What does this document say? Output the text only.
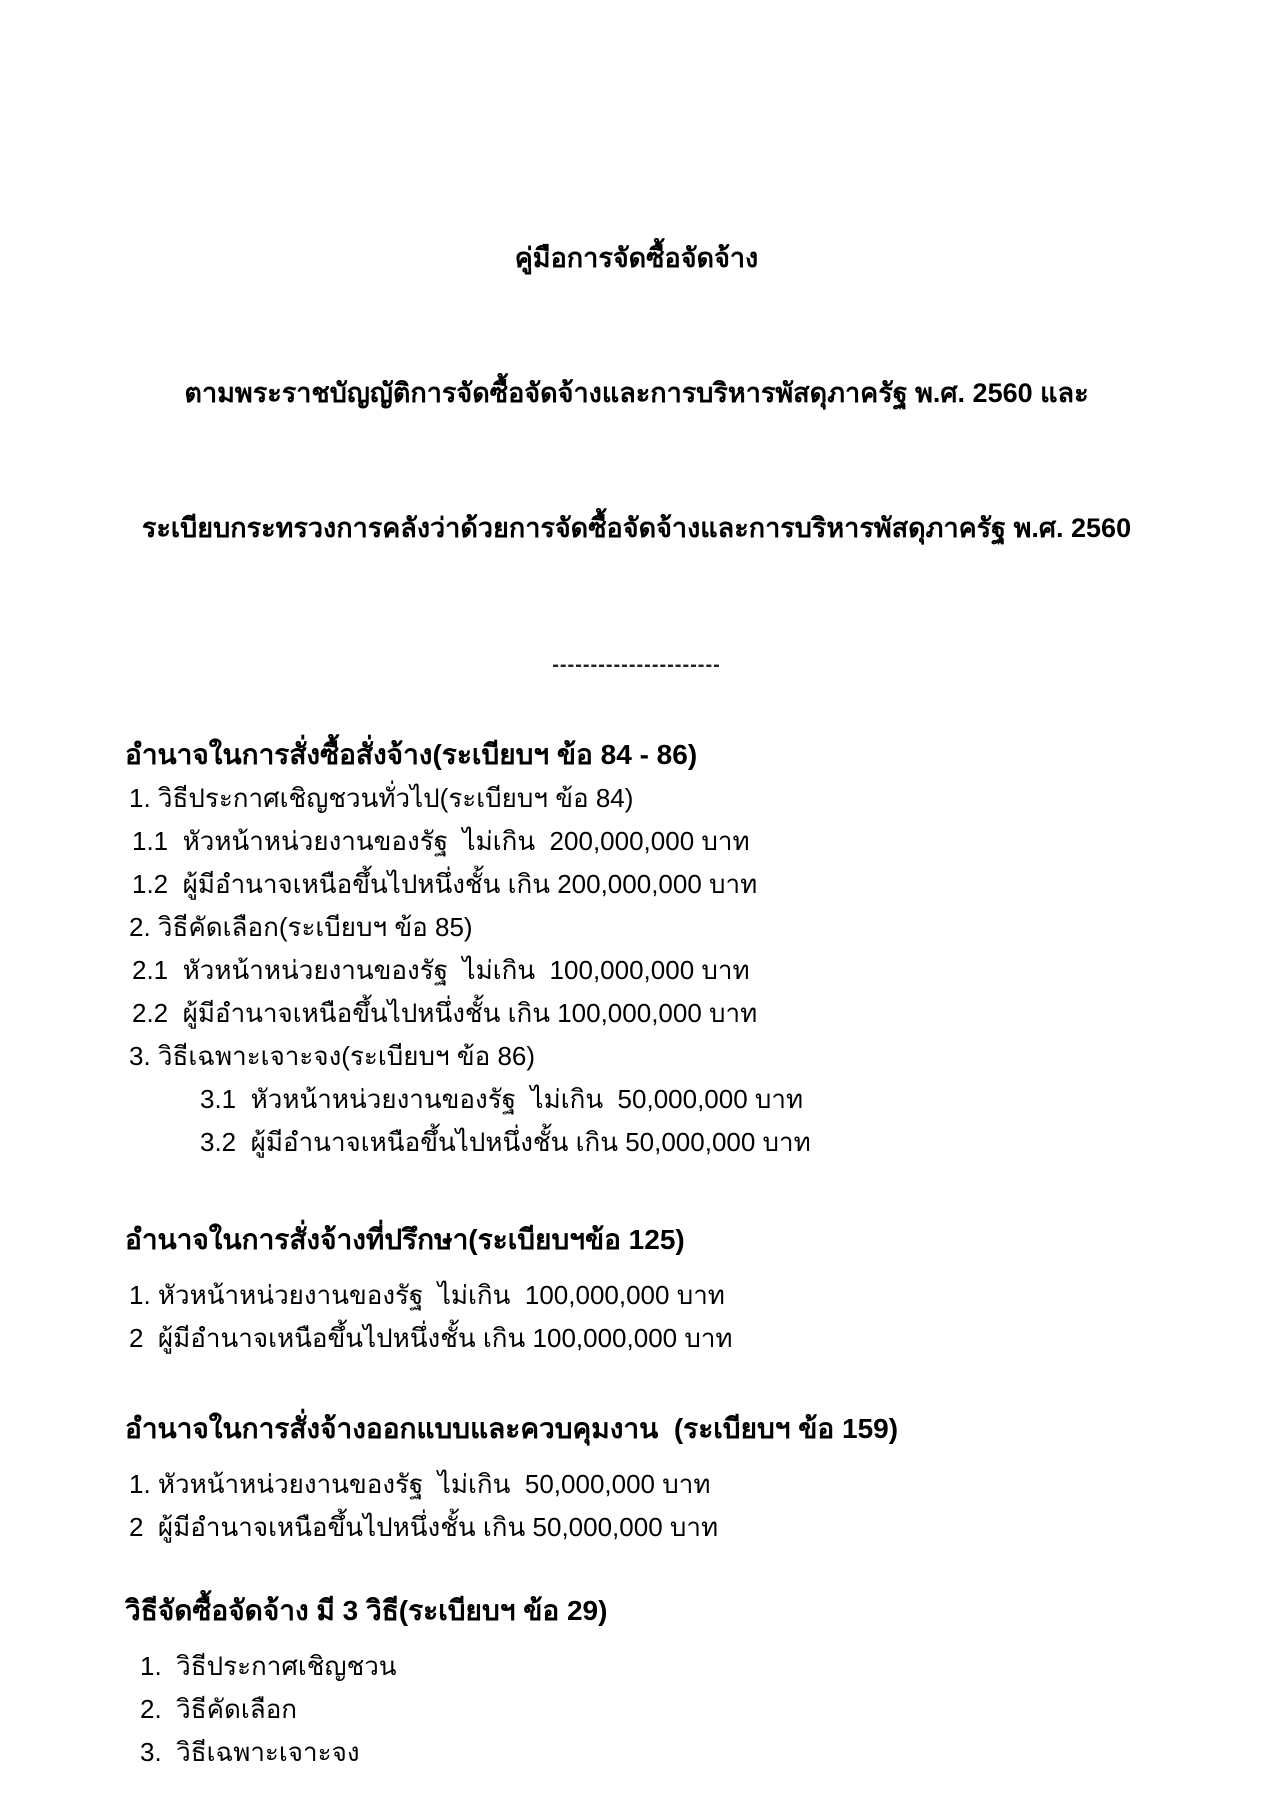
คู่มือการจัดซื้อจัดจ้าง

ตามพระราชบัญญัติการจัดซื้อจัดจ้างและการบริหารพัสดุภาครัฐ พ.ศ. 2560 และ

ระเบียบกระทรวงการคลังว่าด้วยการจัดซื้อจัดจ้างและการบริหารพัสดุภาครัฐ พ.ศ. 2560

----------------------
อำนาจในการสั่งซื้อสั่งจ้าง(ระเบียบฯ ข้อ 84 - 86)
1. วิธีประกาศเชิญชวนทั่วไป(ระเบียบฯ ข้อ 84)
1.1  หัวหน้าหน่วยงานของรัฐ  ไม่เกิน  200,000,000 บาท
1.2  ผู้มีอำนาจเหนือขึ้นไปหนึ่งชั้น เกิน 200,000,000 บาท
2. วิธีคัดเลือก(ระเบียบฯ ข้อ 85)
2.1  หัวหน้าหน่วยงานของรัฐ  ไม่เกิน  100,000,000 บาท
2.2  ผู้มีอำนาจเหนือขึ้นไปหนึ่งชั้น เกิน 100,000,000 บาท
3. วิธีเฉพาะเจาะจง(ระเบียบฯ ข้อ 86)
3.1  หัวหน้าหน่วยงานของรัฐ  ไม่เกิน  50,000,000 บาท
3.2  ผู้มีอำนาจเหนือขึ้นไปหนึ่งชั้น เกิน 50,000,000 บาท
อำนาจในการสั่งจ้างที่ปรึกษา(ระเบียบฯข้อ 125)
1. หัวหน้าหน่วยงานของรัฐ  ไม่เกิน  100,000,000 บาท
2  ผู้มีอำนาจเหนือขึ้นไปหนึ่งชั้น เกิน 100,000,000 บาท
อำนาจในการสั่งจ้างออกแบบและควบคุมงาน  (ระเบียบฯ ข้อ 159)
1. หัวหน้าหน่วยงานของรัฐ  ไม่เกิน  50,000,000 บาท
2  ผู้มีอำนาจเหนือขึ้นไปหนึ่งชั้น เกิน 50,000,000 บาท
วิธีจัดซื้อจัดจ้าง มี 3 วิธี(ระเบียบฯ ข้อ 29)
1.  วิธีประกาศเชิญชวน
2.  วิธีคัดเลือก
3.  วิธีเฉพาะเจาะจง
